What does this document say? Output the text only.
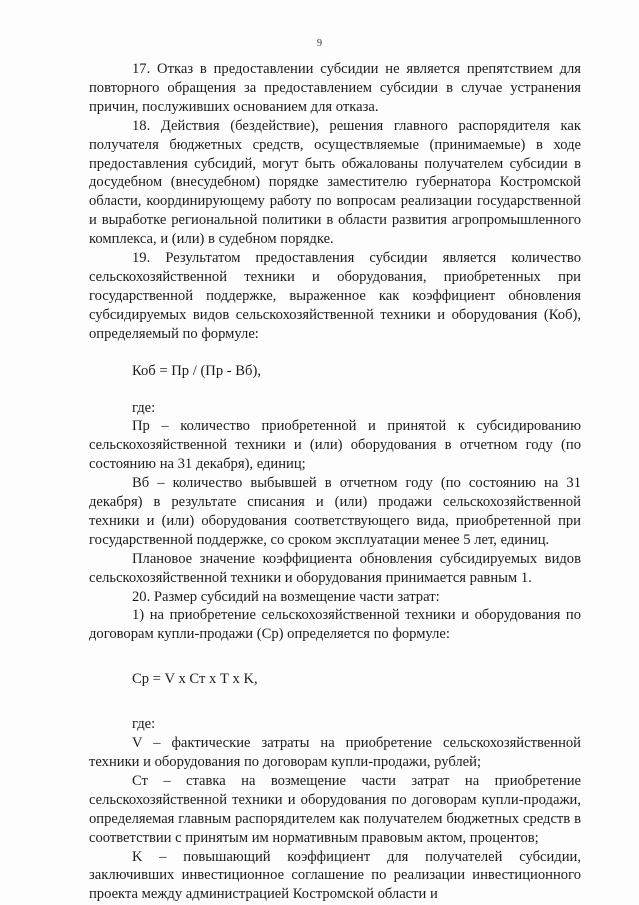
9

17. Отказ в предоставлении субсидии не является препятствием для повторного обращения за предоставлением субсидии в случае устранения причин, послуживших основанием для отказа.

18. Действия (бездействие), решения главного распорядителя как получателя бюджетных средств, осуществляемые (принимаемые) в ходе предоставления субсидий, могут быть обжалованы получателем субсидии в досудебном (внесудебном) порядке заместителю губернатора Костромской области, координирующему работу по вопросам реализации государственной и выработке региональной политики в области развития агропромышленного комплекса, и (или) в судебном порядке.

19. Результатом предоставления субсидии является количество сельскохозяйственной техники и оборудования, приобретенных при государственной поддержке, выраженное как коэффициент обновления субсидируемых видов сельскохозяйственной техники и оборудования (Коб), определяемый по формуле:

Коб = Пр / (Пр - Вб),

где:

Пр – количество приобретенной и принятой к субсидированию сельскохозяйственной техники и (или) оборудования в отчетном году (по состоянию на 31 декабря), единиц;

Вб – количество выбывшей в отчетном году (по состоянию на 31 декабря) в результате списания и (или) продажи сельскохозяйственной техники и (или) оборудования соответствующего вида, приобретенной при государственной поддержке, со сроком эксплуатации менее 5 лет, единиц.

Плановое значение коэффициента обновления субсидируемых видов сельскохозяйственной техники и оборудования принимается равным 1.

20. Размер субсидий на возмещение части затрат:

1) на приобретение сельскохозяйственной техники и оборудования по договорам купли-продажи (Ср) определяется по формуле:

Ср = V x Ст x Т x K,

где:

V – фактические затраты на приобретение сельскохозяйственной техники и оборудования по договорам купли-продажи, рублей;

Ст – ставка на возмещение части затрат на приобретение сельскохозяйственной техники и оборудования по договорам купли-продажи, определяемая главным распорядителем как получателем бюджетных средств в соответствии с принятым им нормативным правовым актом, процентов;

K – повышающий коэффициент для получателей субсидии, заключивших инвестиционное соглашение по реализации инвестиционного проекта между администрацией Костромской области и
